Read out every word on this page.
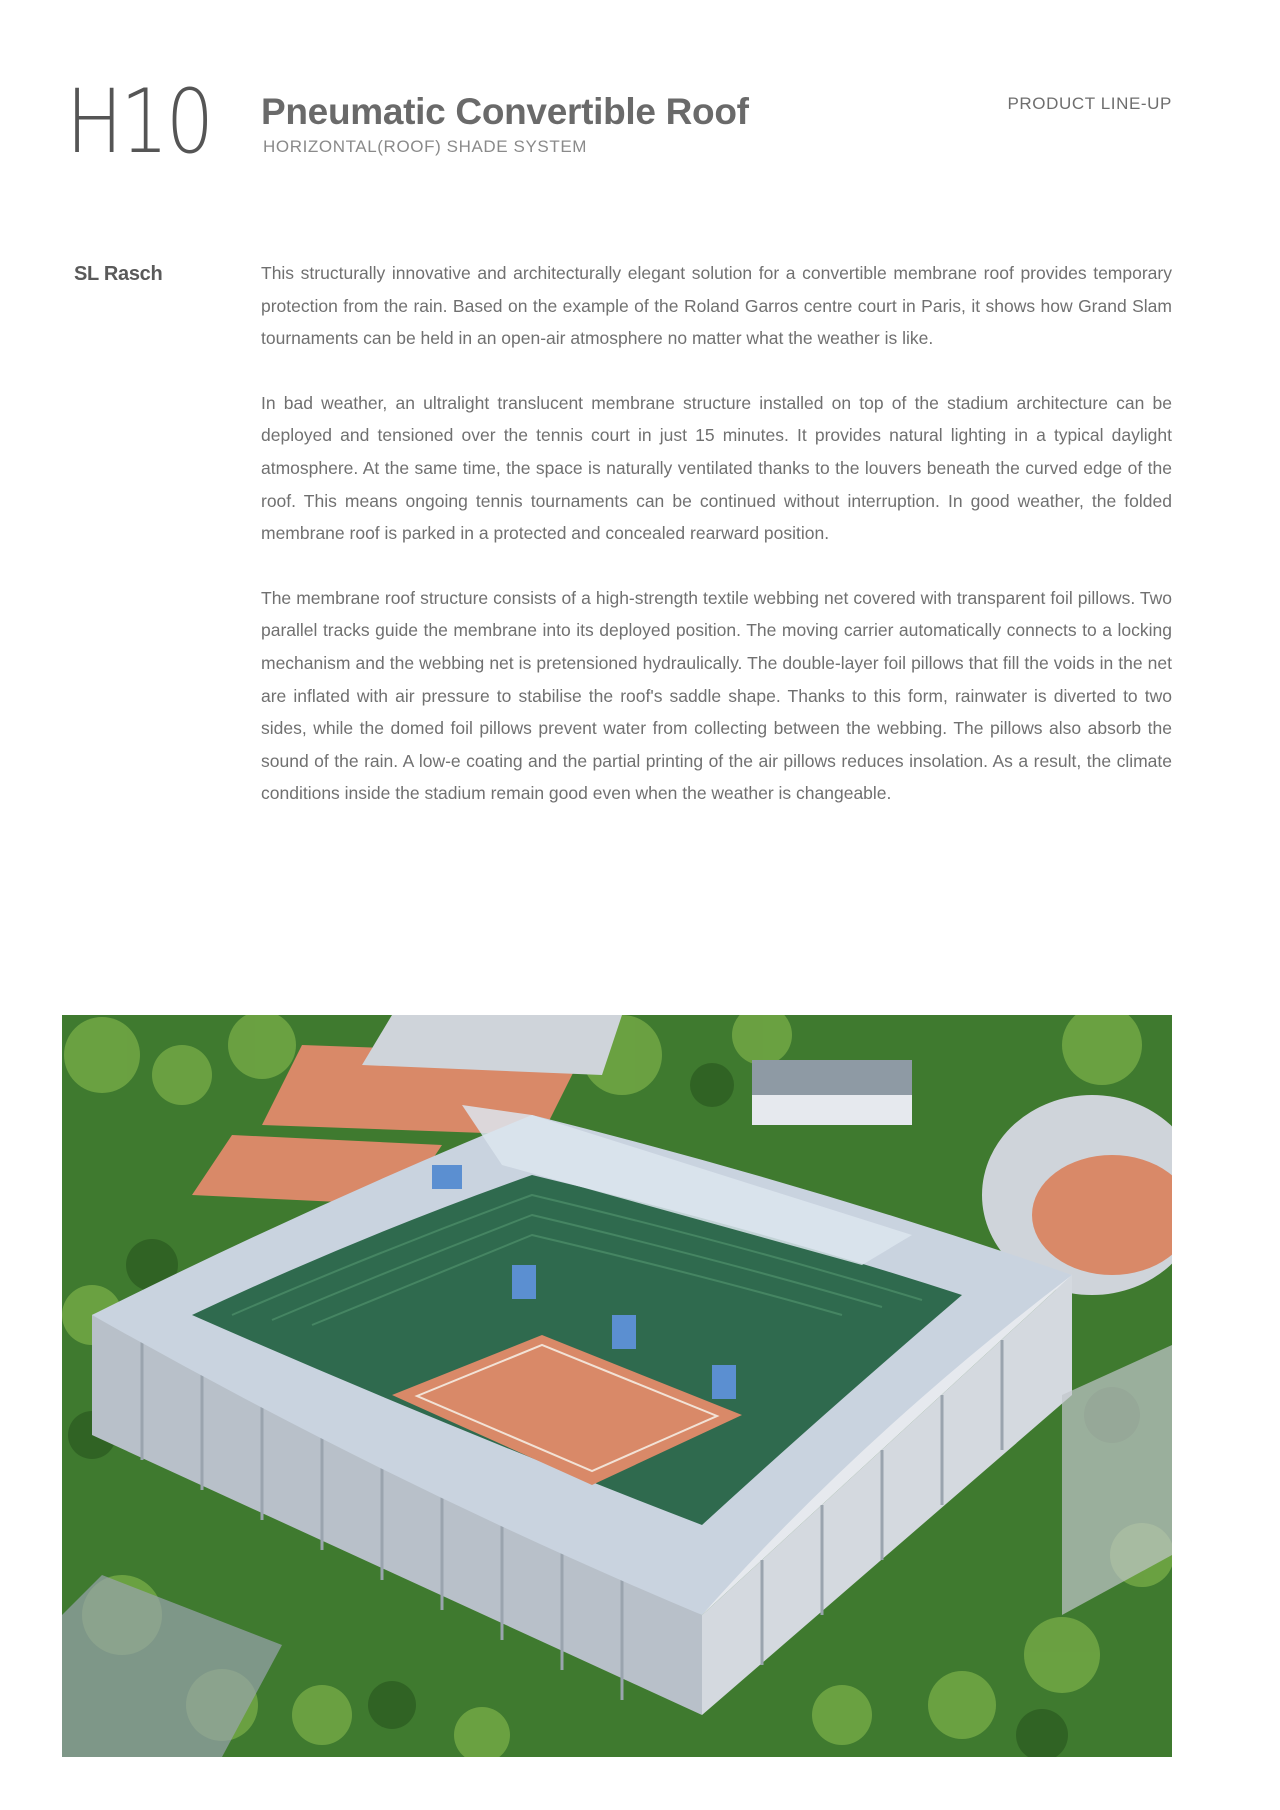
H10 Pneumatic Convertible Roof
HORIZONTAL(ROOF) SHADE SYSTEM
PRODUCT LINE-UP
SL Rasch	This structurally innovative and architecturally elegant solution for a convertible membrane roof provides temporary protection from the rain. Based on the example of the Roland Garros centre court in Paris, it shows how Grand Slam tournaments can be held in an open-air atmosphere no matter what the weather is like.

In bad weather, an ultralight translucent membrane structure installed on top of the stadium architecture can be deployed and tensioned over the tennis court in just 15 minutes. It provides natural lighting in a typical daylight atmosphere. At the same time, the space is naturally ventilated thanks to the louvers beneath the curved edge of the roof. This means ongoing tennis tournaments can be continued without interruption. In good weather, the folded membrane roof is parked in a protected and concealed rearward position.

The membrane roof structure consists of a high-strength textile webbing net covered with transparent foil pillows. Two parallel tracks guide the membrane into its deployed position. The moving carrier automatically connects to a locking mechanism and the webbing net is pretensioned hydraulically. The double-layer foil pillows that fill the voids in the net are inflated with air pressure to stabilise the roof's saddle shape. Thanks to this form, rainwater is diverted to two sides, while the domed foil pillows prevent water from collecting between the webbing. The pillows also absorb the sound of the rain. A low-e coating and the partial printing of the air pillows reduces insolation. As a result, the climate conditions inside the stadium remain good even when the weather is changeable.
